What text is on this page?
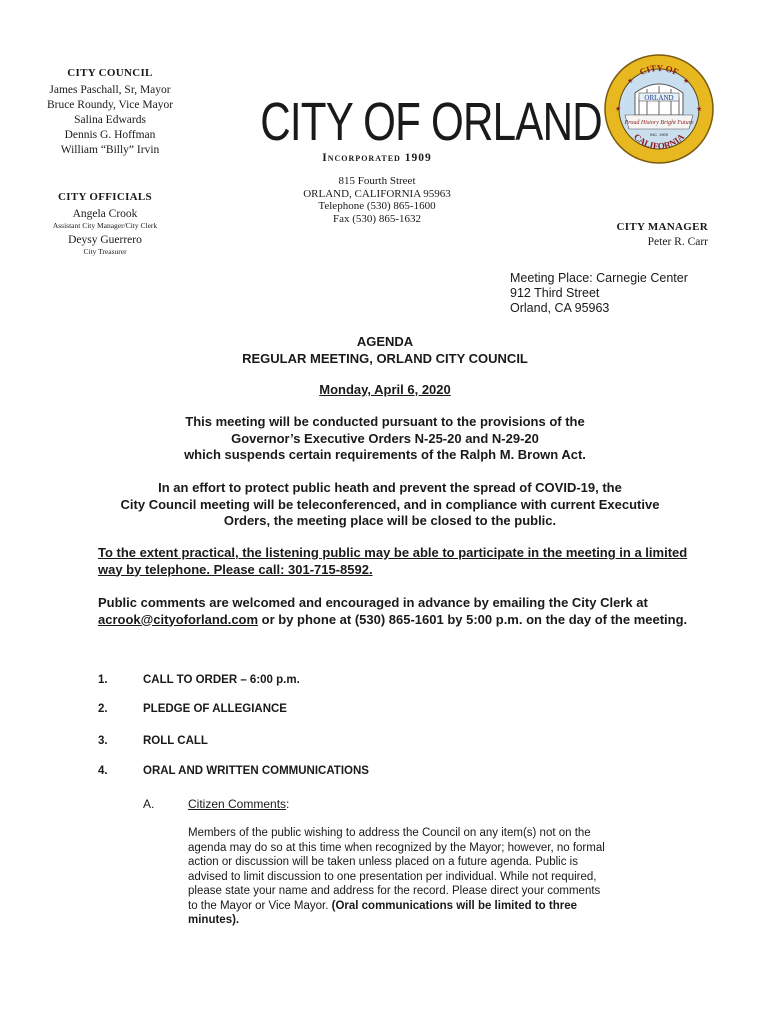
CITY COUNCIL
James Paschall, Sr, Mayor
Bruce Roundy, Vice Mayor
Salina Edwards
Dennis G. Hoffman
William “Billy” Irvin
CITY OFFICIALS
Angela Crook
Assistant City Manager/City Clerk
Deysy Guerrero
City Treasurer
CITY OF ORLAND
Incorporated 1909
815 Fourth Street
ORLAND, CALIFORNIA 95963
Telephone (530) 865-1600
Fax (530) 865-1632
ORLAND
Proud History Bright Future
INC. 1909
CITY OF
CALIFORNIA
★	★
★	★
CITY MANAGER
Peter R. Carr
Meeting Place: Carnegie Center
912 Third Street
Orland, CA 95963
AGENDA
REGULAR MEETING, ORLAND CITY COUNCIL
Monday, April 6, 2020
This meeting will be conducted pursuant to the provisions of the
Governor’s Executive Orders N-25-20 and N-29-20
which suspends certain requirements of the Ralph M. Brown Act.
In an effort to protect public heath and prevent the spread of COVID-19, the
City Council meeting will be teleconferenced, and in compliance with current Executive
Orders, the meeting place will be closed to the public.
To the extent practical, the listening public may be able to participate in the meeting in a limited way by telephone. Please call: 301-715-8592.
Public comments are welcomed and encouraged in advance by emailing the City Clerk at acrook@cityoforland.com or by phone at (530) 865-1601 by 5:00 p.m. on the day of the meeting.
1.	CALL TO ORDER – 6:00 p.m.
2.	PLEDGE OF ALLEGIANCE
3.	ROLL CALL
4.	ORAL AND WRITTEN COMMUNICATIONS
A.	Citizen Comments:
Members of the public wishing to address the Council on any item(s) not on the agenda may do so at this time when recognized by the Mayor; however, no formal action or discussion will be taken unless placed on a future agenda. Public is advised to limit discussion to one presentation per individual. While not required, please state your name and address for the record. Please direct your comments to the Mayor or Vice Mayor. (Oral communications will be limited to three minutes).
